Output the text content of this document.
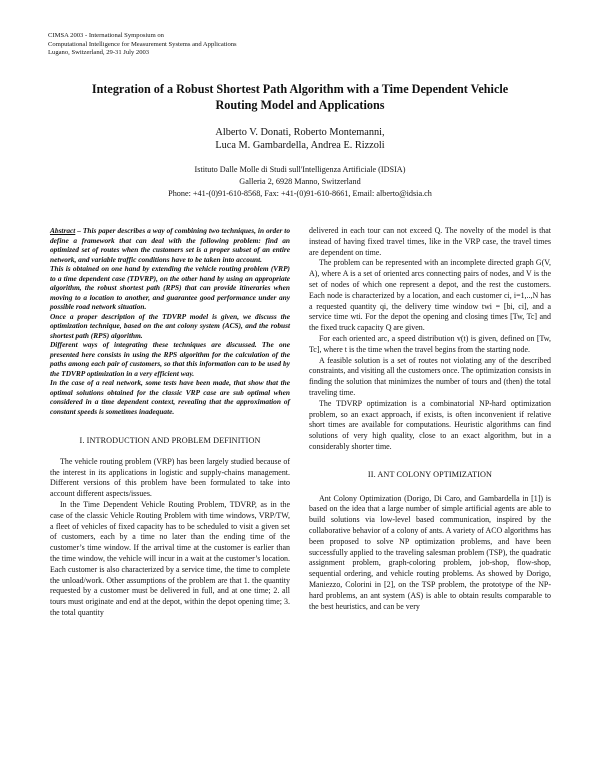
CIMSA 2003 - International Symposium on
Computational Intelligence for Measurement Systems and Applications
Lugano, Switzerland, 29-31 July 2003
Integration of a Robust Shortest Path Algorithm with a Time Dependent Vehicle
Routing Model and Applications
Alberto V. Donati, Roberto Montemanni,
Luca M. Gambardella, Andrea E. Rizzoli
Istituto Dalle Molle di Studi sull'Intelligenza Artificiale (IDSIA)
Galleria 2, 6928 Manno, Switzerland
Phone: +41-(0)91-610-8568, Fax: +41-(0)91-610-8661, Email: alberto@idsia.ch

Abstract – This paper describes a way of combining two techniques, in order to define a framework that can deal with the following problem: find an optimized set of routes when the customers set is a proper subset of an entire network, and variable traffic conditions have to be taken into account.

This is obtained on one hand by extending the vehicle routing problem (VRP) to a time dependent case (TDVRP), on the other hand by using an appropriate algorithm, the robust shortest path (RPS) that can provide itineraries when moving to a location to another, and guarantee good performance under any possible road network situation.

Once a proper description of the TDVRP model is given, we discuss the optimization technique, based on the ant colony system (ACS), and the robust shortest path (RPS) algorithm.

Different ways of integrating these techniques are discussed. The one presented here consists in using the RPS algorithm for the calculation of the paths among each pair of customers, so that this information can to be used by the TDVRP optimization in a very efficient way.

In the case of a real network, some tests have been made, that show that the optimal solutions obtained for the classic VRP case are sub optimal when considered in a time dependent context, revealing that the approximation of constant speeds is sometimes inadequate.

I. INTRODUCTION AND PROBLEM DEFINITION

The vehicle routing problem (VRP) has been largely studied because of the interest in its applications in logistic and supply-chains management. Different versions of this problem have been formulated to take into account different aspects/issues.

In the Time Dependent Vehicle Routing Problem, TDVRP, as in the case of the classic Vehicle Routing Problem with time windows, VRP/TW, a fleet of vehicles of fixed capacity has to be scheduled to visit a given set of customers, each by a time no later than the ending time of the customer’s time window. If the arrival time at the customer is earlier than the time window, the vehicle will incur in a wait at the customer’s location. Each customer is also characterized by a service time, the time to complete the unload/work. Other assumptions of the problem are that 1. the quantity requested by a customer must be delivered in full, and at one time; 2. all tours must originate and end at the depot, within the depot opening time; 3. the total quantity

delivered in each tour can not exceed Q. The novelty of the model is that instead of having fixed travel times, like in the VRP case, the travel times are dependent on time.

The problem can be represented with an incomplete directed graph G(V, A), where A is a set of oriented arcs connecting pairs of nodes, and V is the set of nodes of which one represent a depot, and the rest the customers. Each node is characterized by a location, and each customer ci, i=1,..,N has a requested quantity qi, the delivery time window twi = [bi, ci], and a service time wti. For the depot the opening and closing times [Tw, Tc] and the fixed truck capacity Q are given.

For each oriented arc, a speed distribution v(t) is given, defined on [Tw, Tc], where t is the time when the travel begins from the starting node.

A feasible solution is a set of routes not violating any of the described constraints, and visiting all the customers once. The optimization consists in finding the solution that minimizes the number of tours and (then) the total traveling time.

The TDVRP optimization is a combinatorial NP-hard optimization problem, so an exact approach, if exists, is often inconvenient if relative short times are available for computations. Heuristic algorithms can find solutions of very high quality, close to an exact algorithm, but in a considerably shorter time.

II. ANT COLONY OPTIMIZATION

Ant Colony Optimization (Dorigo, Di Caro, and Gambardella in [1]) is based on the idea that a large number of simple artificial agents are able to build solutions via low-level based communication, inspired by the collaborative behavior of a colony of ants. A variety of ACO algorithms has been proposed to solve NP optimization problems, and have been successfully applied to the traveling salesman problem (TSP), the quadratic assignment problem, graph-coloring problem, job-shop, flow-shop, sequential ordering, and vehicle routing problems. As showed by Dorigo, Maniezzo, Colorini in [2], on the TSP problem, the prototype of the NP-hard problems, an ant system (AS) is able to obtain results comparable to the best heuristics, and can be very
